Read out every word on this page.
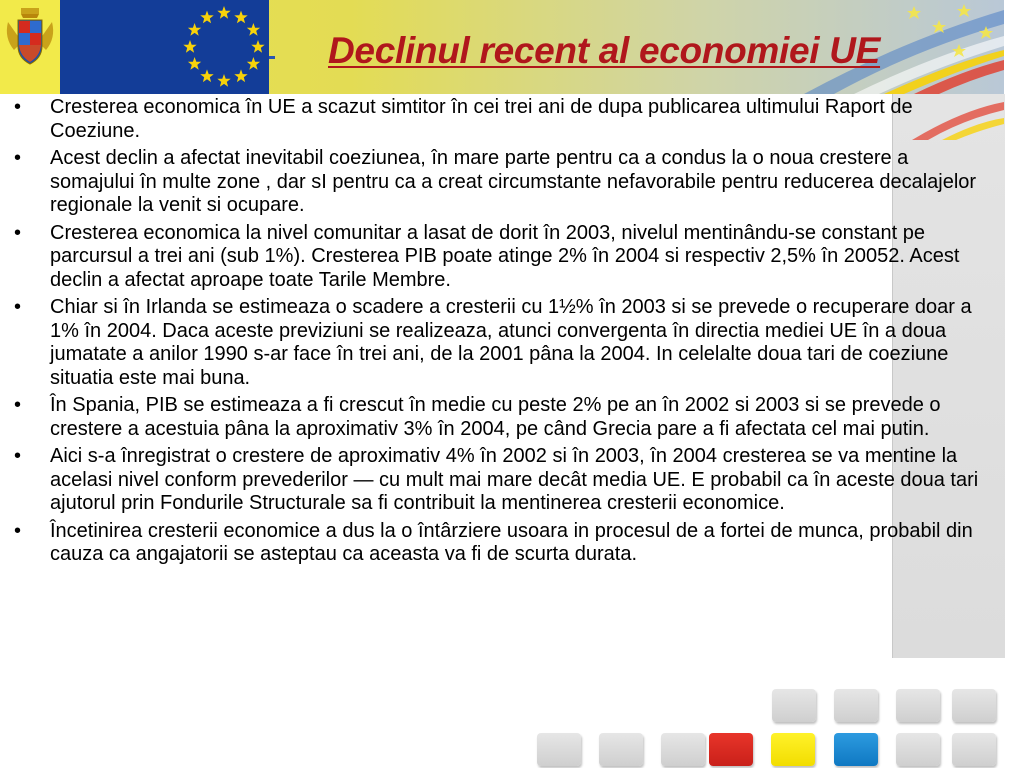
Declinul recent al economiei UE

• Cresterea economica în UE a scazut simtitor în cei trei ani de dupa publicarea ultimului Raport de Coeziune.

• Acest declin a afectat inevitabil coeziunea, în mare parte pentru ca a condus la o noua crestere a somajului în multe zone , dar sI pentru ca a creat circumstante nefavorabile pentru reducerea decalajelor regionale la venit si ocupare.

• Cresterea economica la nivel comunitar a lasat de dorit în 2003, nivelul mentinându-se constant pe parcursul a trei ani (sub 1%). Cresterea PIB poate atinge 2% în 2004 si respectiv 2,5% în 20052. Acest declin a afectat aproape toate Tarile Membre.

• Chiar si în Irlanda se estimeaza o scadere a cresterii cu 1½% în 2003 si se prevede o recuperare doar a 1% în 2004. Daca aceste previziuni se realizeaza, atunci convergenta în directia mediei UE în a doua jumatate a anilor 1990 s-ar face în trei ani, de la 2001 pâna la 2004. In celelalte doua tari de coeziune situatia este mai buna.

• În Spania, PIB se estimeaza a fi crescut în medie cu peste 2% pe an în 2002 si 2003 si se prevede o crestere a acestuia pâna la aproximativ 3% în 2004, pe când Grecia pare a fi afectata cel mai putin.

• Aici s-a înregistrat o crestere de aproximativ 4% în 2002 si în 2003, în 2004 cresterea se va mentine la acelasi nivel conform prevederilor — cu mult mai mare decât media UE. E probabil ca în aceste doua tari ajutorul prin Fondurile Structurale sa fi contribuit la mentinerea cresterii economice.

• Încetinirea cresterii economice a dus la o întârziere usoara in procesul de a fortei de munca, probabil din cauza ca angajatorii se asteptau ca aceasta va fi de scurta durata.
